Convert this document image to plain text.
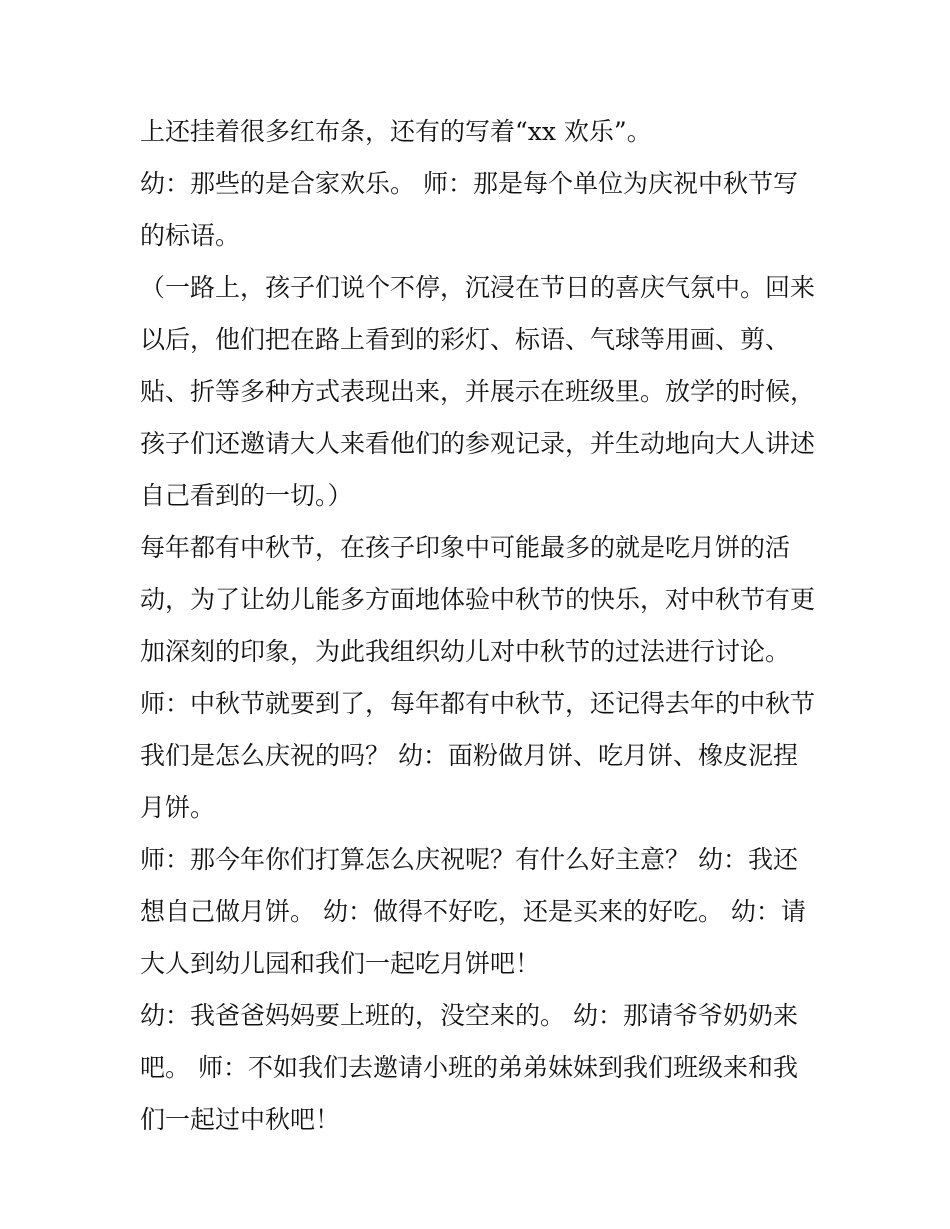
上还挂着很多红布条，还有的写着“xx 欢乐”。
幼：那些的是合家欢乐。 师：那是每个单位为庆祝中秋节写
的标语。
（一路上，孩子们说个不停，沉浸在节日的喜庆气氛中。回来
以后，他们把在路上看到的彩灯、标语、气球等用画、剪、
贴、折等多种方式表现出来，并展示在班级里。放学的时候，
孩子们还邀请大人来看他们的参观记录，并生动地向大人讲述
自己看到的一切。）
每年都有中秋节，在孩子印象中可能最多的就是吃月饼的活
动，为了让幼儿能多方面地体验中秋节的快乐，对中秋节有更
加深刻的印象，为此我组织幼儿对中秋节的过法进行讨论。
师：中秋节就要到了，每年都有中秋节，还记得去年的中秋节
我们是怎么庆祝的吗？ 幼：面粉做月饼、吃月饼、橡皮泥捏
月饼。
师：那今年你们打算怎么庆祝呢？有什么好主意？ 幼：我还
想自己做月饼。 幼：做得不好吃，还是买来的好吃。 幼：请
大人到幼儿园和我们一起吃月饼吧！
幼：我爸爸妈妈要上班的，没空来的。 幼：那请爷爷奶奶来
吧。 师：不如我们去邀请小班的弟弟妹妹到我们班级来和我
们一起过中秋吧！
